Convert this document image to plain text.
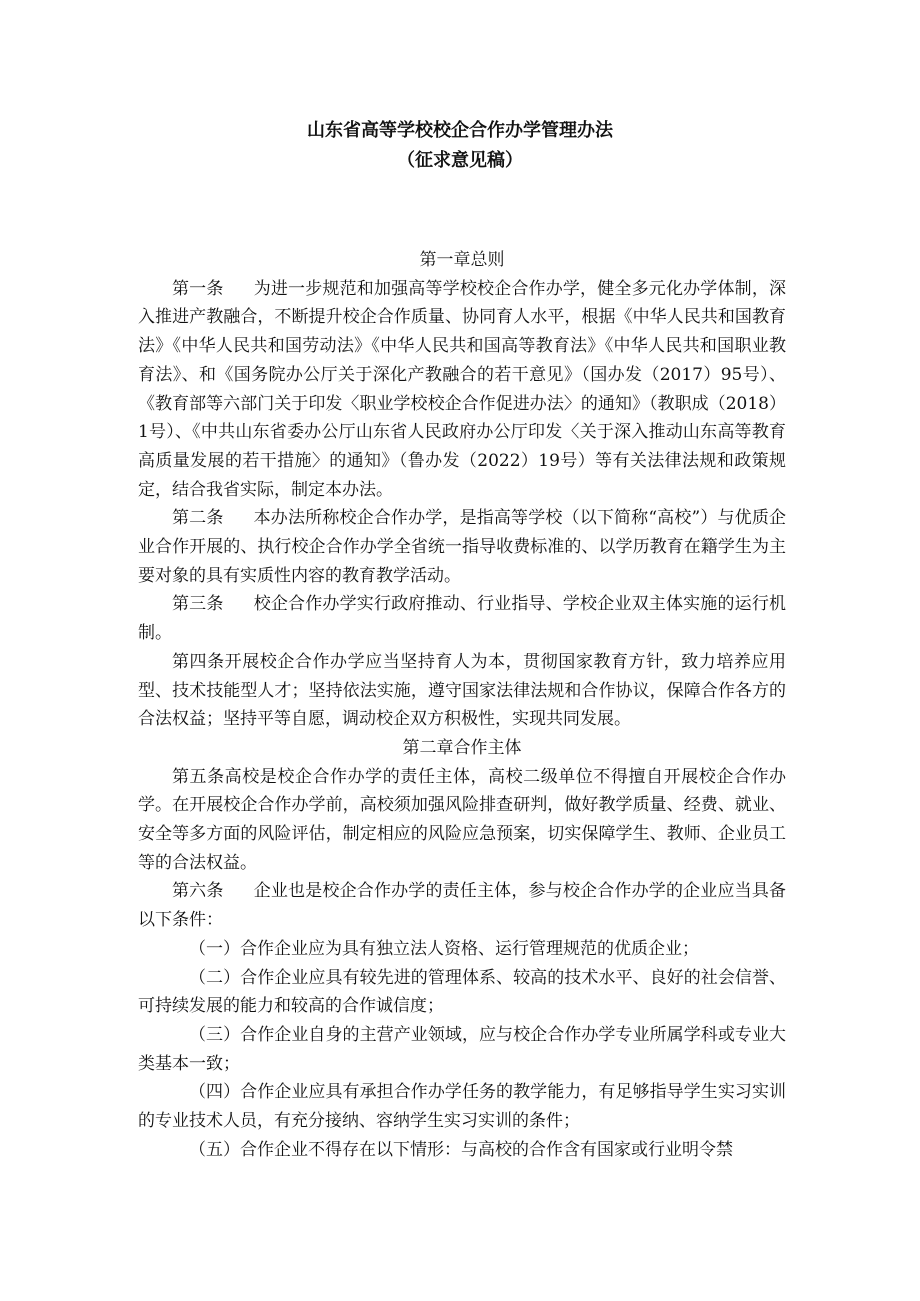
山东省高等学校校企合作办学管理办法
（征求意见稿）
第一章总则
第一条 为进一步规范和加强高等学校校企合作办学，健全多元化办学体制，深入推进产教融合，不断提升校企合作质量、协同育人水平，根据《中华人民共和国教育法》《中华人民共和国劳动法》《中华人民共和国高等教育法》《中华人民共和国职业教育法》、和《国务院办公厅关于深化产教融合的若干意见》（国办发（2017）95号）、《教育部等六部门关于印发〈职业学校校企合作促进办法〉的通知》（教职成（2018）1号）、《中共山东省委办公厅山东省人民政府办公厅印发〈关于深入推动山东高等教育高质量发展的若干措施〉的通知》（鲁办发（2022）19号）等有关法律法规和政策规定，结合我省实际，制定本办法。
第二条 本办法所称校企合作办学，是指高等学校（以下简称“高校”）与优质企业合作开展的、执行校企合作办学全省统一指导收费标准的、以学历教育在籍学生为主要对象的具有实质性内容的教育教学活动。
第三条 校企合作办学实行政府推动、行业指导、学校企业双主体实施的运行机制。
第四条开展校企合作办学应当坚持育人为本，贯彻国家教育方针，致力培养应用型、技术技能型人才；坚持依法实施，遵守国家法律法规和合作协议，保障合作各方的合法权益；坚持平等自愿，调动校企双方积极性，实现共同发展。
第二章合作主体
第五条高校是校企合作办学的责任主体，高校二级单位不得擅自开展校企合作办学。在开展校企合作办学前，高校须加强风险排查研判，做好教学质量、经费、就业、安全等多方面的风险评估，制定相应的风险应急预案，切实保障学生、教师、企业员工等的合法权益。
第六条 企业也是校企合作办学的责任主体，参与校企合作办学的企业应当具备以下条件：
（一）合作企业应为具有独立法人资格、运行管理规范的优质企业；
（二）合作企业应具有较先进的管理体系、较高的技术水平、良好的社会信誉、可持续发展的能力和较高的合作诚信度；
（三）合作企业自身的主营产业领域，应与校企合作办学专业所属学科或专业大类基本一致；
（四）合作企业应具有承担合作办学任务的教学能力，有足够指导学生实习实训的专业技术人员，有充分接纳、容纳学生实习实训的条件；
（五）合作企业不得存在以下情形：与高校的合作含有国家或行业明令禁
